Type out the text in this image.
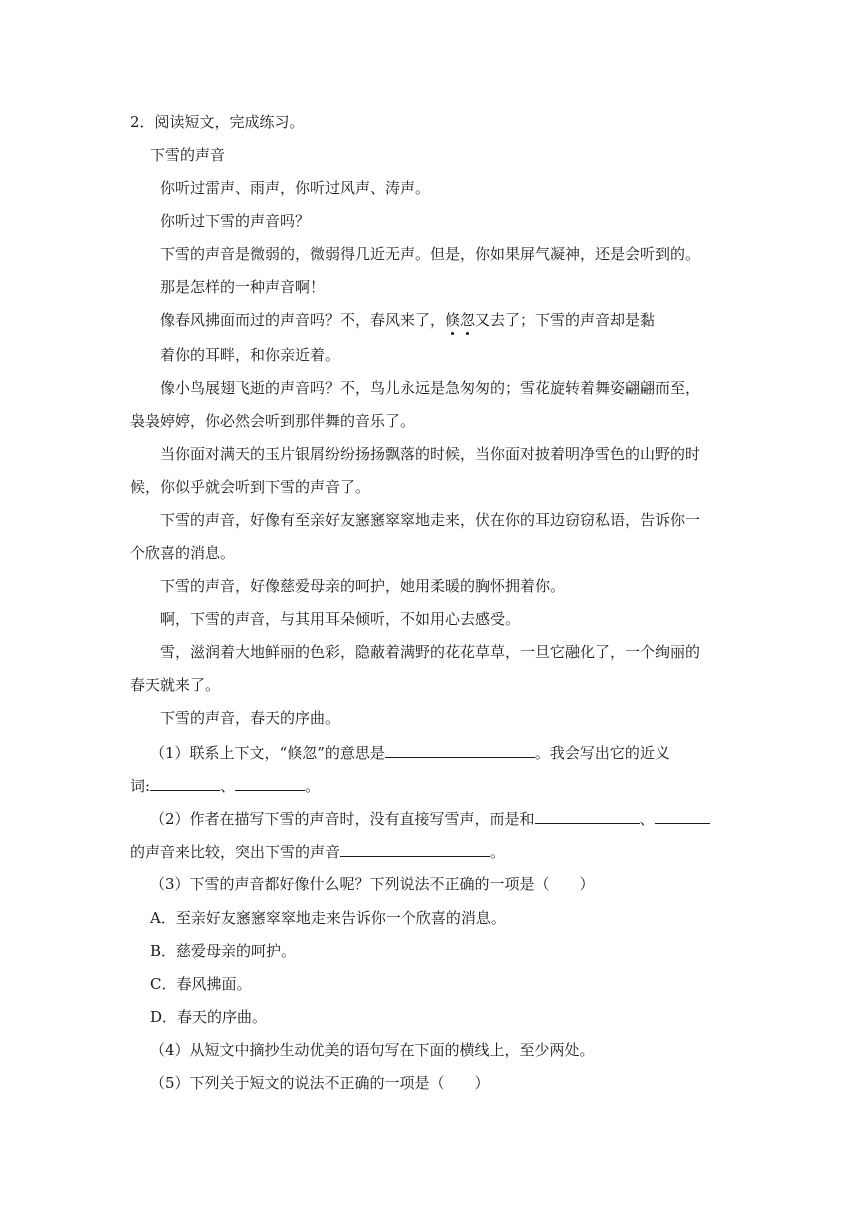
2．阅读短文，完成练习。
下雪的声音
你听过雷声、雨声，你听过风声、涛声。
你听过下雪的声音吗？
下雪的声音是微弱的，微弱得几近无声。但是，你如果屏气凝神，还是会听到的。
那是怎样的一种声音啊！
像春风拂面而过的声音吗？不，春风来了，倏忽又去了；下雪的声音却是黏
着你的耳畔，和你亲近着。
像小鸟展翅飞逝的声音吗？不，鸟儿永远是急匆匆的；雪花旋转着舞姿翩翩而至，
袅袅婷婷，你必然会听到那伴舞的音乐了。
当你面对满天的玉片银屑纷纷扬扬飘落的时候，当你面对披着明净雪色的山野的时
候，你似乎就会听到下雪的声音了。
下雪的声音，好像有至亲好友窸窸窣窣地走来，伏在你的耳边窃窃私语，告诉你一
个欣喜的消息。
下雪的声音，好像慈爱母亲的呵护，她用柔暖的胸怀拥着你。
啊，下雪的声音，与其用耳朵倾听，不如用心去感受。
雪，滋润着大地鲜丽的色彩，隐蔽着满野的花花草草，一旦它融化了，一个绚丽的
春天就来了。
下雪的声音，春天的序曲。
（1）联系上下文，“倏忽”的意思是	。我会写出它的近义
词:	、	。
（2）作者在描写下雪的声音时，没有直接写雪声，而是和	、
的声音来比较，突出下雪的声音	。
（3）下雪的声音都好像什么呢？下列说法不正确的一项是（　　）
A．至亲好友窸窸窣窣地走来告诉你一个欣喜的消息。
B．慈爱母亲的呵护。
C．春风拂面。
D．春天的序曲。
（4）从短文中摘抄生动优美的语句写在下面的横线上，至少两处。
（5）下列关于短文的说法不正确的一项是（　　）
